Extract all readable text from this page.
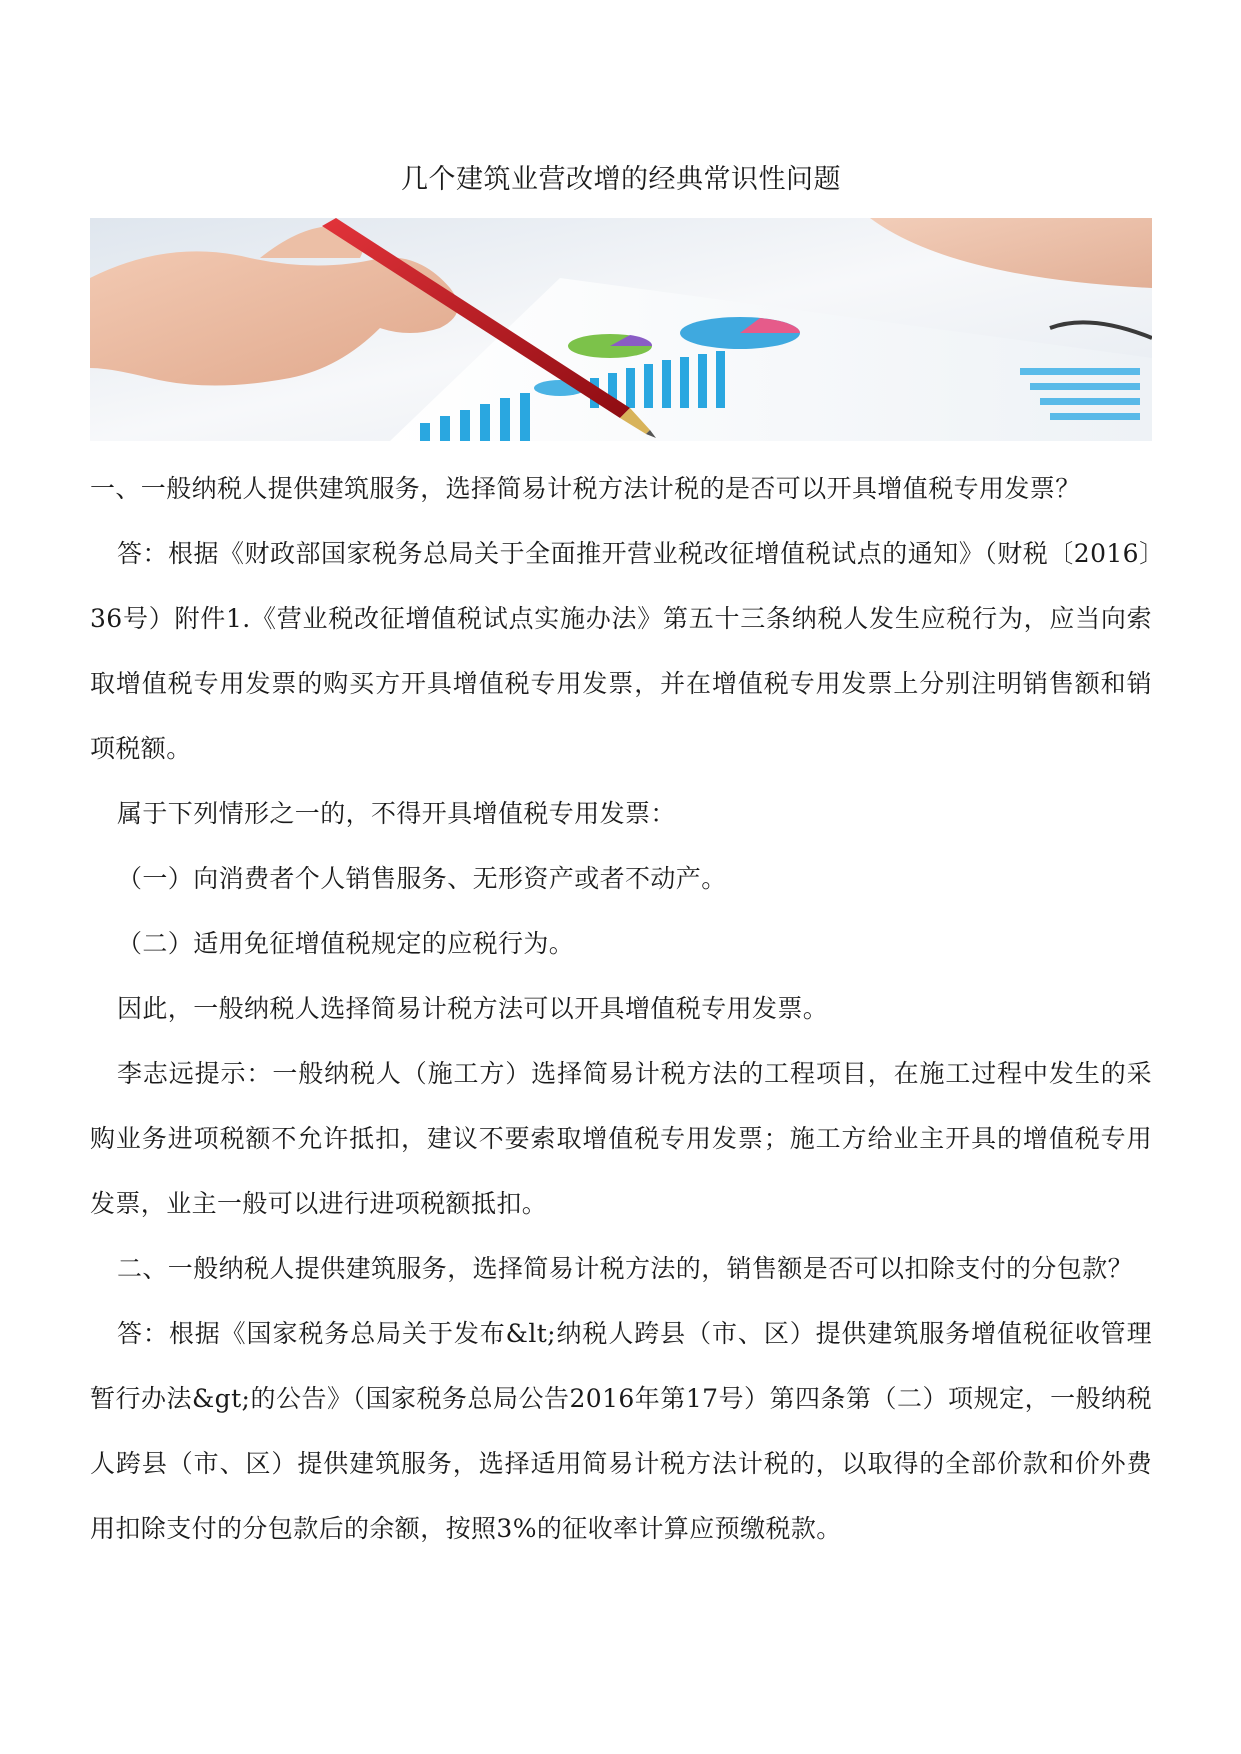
几个建筑业营改增的经典常识性问题

一、一般纳税人提供建筑服务，选择简易计税方法计税的是否可以开具增值税专用发票？

答：根据《财政部国家税务总局关于全面推开营业税改征增值税试点的通知》（财税〔2016〕36号）附件1.《营业税改征增值税试点实施办法》第五十三条纳税人发生应税行为，应当向索取增值税专用发票的购买方开具增值税专用发票，并在增值税专用发票上分别注明销售额和销项税额。

属于下列情形之一的，不得开具增值税专用发票：

（一）向消费者个人销售服务、无形资产或者不动产。

（二）适用免征增值税规定的应税行为。

因此，一般纳税人选择简易计税方法可以开具增值税专用发票。

李志远提示：一般纳税人（施工方）选择简易计税方法的工程项目，在施工过程中发生的采购业务进项税额不允许抵扣，建议不要索取增值税专用发票；施工方给业主开具的增值税专用发票，业主一般可以进行进项税额抵扣。

二、一般纳税人提供建筑服务，选择简易计税方法的，销售额是否可以扣除支付的分包款？

答：根据《国家税务总局关于发布&lt;纳税人跨县（市、区）提供建筑服务增值税征收管理暂行办法&gt;的公告》（国家税务总局公告2016年第17号）第四条第（二）项规定，一般纳税人跨县（市、区）提供建筑服务，选择适用简易计税方法计税的，以取得的全部价款和价外费用扣除支付的分包款后的余额，按照3%的征收率计算应预缴税款。
